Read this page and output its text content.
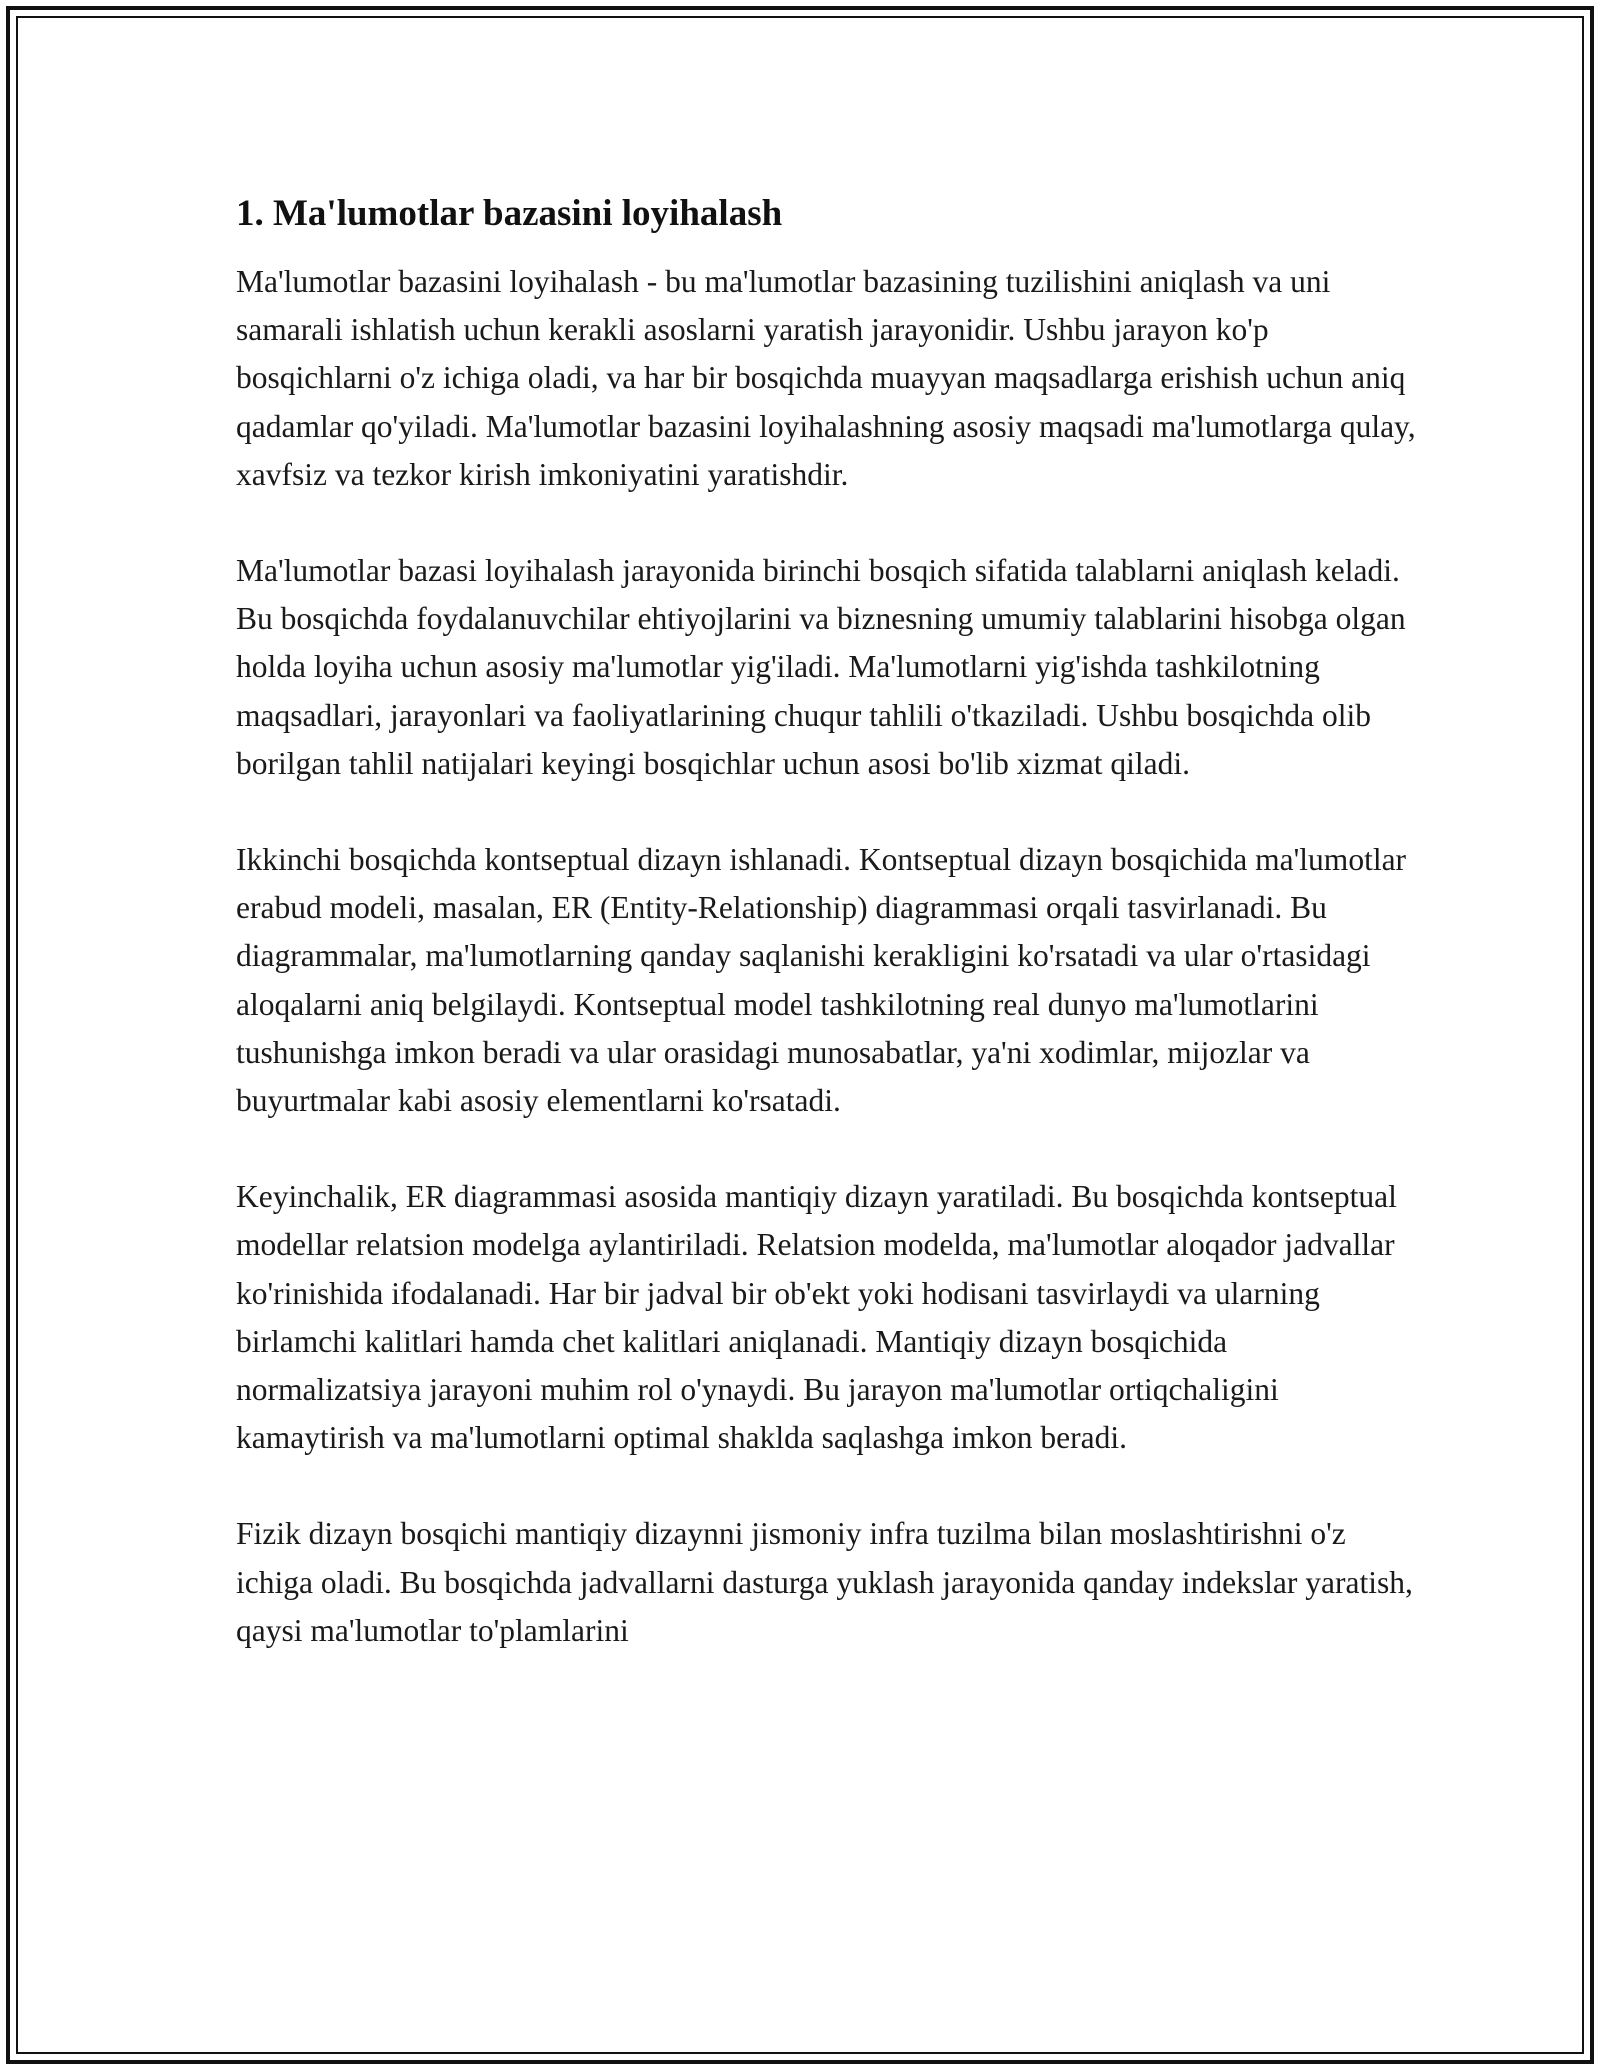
1. Ma'lumotlar bazasini loyihalash

Ma'lumotlar bazasini loyihalash - bu ma'lumotlar bazasining tuzilishini aniqlash va uni samarali ishlatish uchun kerakli asoslarni yaratish jarayonidir. Ushbu jarayon ko'p bosqichlarni o'z ichiga oladi, va har bir bosqichda muayyan maqsadlarga erishish uchun aniq qadamlar qo'yiladi. Ma'lumotlar bazasini loyihalashning asosiy maqsadi ma'lumotlarga qulay, xavfsiz va tezkor kirish imkoniyatini yaratishdir.

Ma'lumotlar bazasi loyihalash jarayonida birinchi bosqich sifatida talablarni aniqlash keladi. Bu bosqichda foydalanuvchilar ehtiyojlarini va biznesning umumiy talablarini hisobga olgan holda loyiha uchun asosiy ma'lumotlar yig'iladi. Ma'lumotlarni yig'ishda tashkilotning maqsadlari, jarayonlari va faoliyatlarining chuqur tahlili o'tkaziladi. Ushbu bosqichda olib borilgan tahlil natijalari keyingi bosqichlar uchun asosi bo'lib xizmat qiladi.

Ikkinchi bosqichda kontseptual dizayn ishlanadi. Kontseptual dizayn bosqichida ma'lumotlar erabud modeli, masalan, ER (Entity-Relationship) diagrammasi orqali tasvirlanadi. Bu diagrammalar, ma'lumotlarning qanday saqlanishi kerakligini ko'rsatadi va ular o'rtasidagi aloqalarni aniq belgilaydi. Kontseptual model tashkilotning real dunyo ma'lumotlarini tushunishga imkon beradi va ular orasidagi munosabatlar, ya'ni xodimlar, mijozlar va buyurtmalar kabi asosiy elementlarni ko'rsatadi.

Keyinchalik, ER diagrammasi asosida mantiqiy dizayn yaratiladi. Bu bosqichda kontseptual modellar relatsion modelga aylantiriladi. Relatsion modelda, ma'lumotlar aloqador jadvallar ko'rinishida ifodalanadi. Har bir jadval bir ob'ekt yoki hodisani tasvirlaydi va ularning birlamchi kalitlari hamda chet kalitlari aniqlanadi. Mantiqiy dizayn bosqichida normalizatsiya jarayoni muhim rol o'ynaydi. Bu jarayon ma'lumotlar ortiqchaligini kamaytirish va ma'lumotlarni optimal shaklda saqlashga imkon beradi.

Fizik dizayn bosqichi mantiqiy dizaynni jismoniy infra tuzilma bilan moslashtirishni o'z ichiga oladi. Bu bosqichda jadvallarni dasturga yuklash jarayonida qanday indekslar yaratish, qaysi ma'lumotlar to'plamlarini
